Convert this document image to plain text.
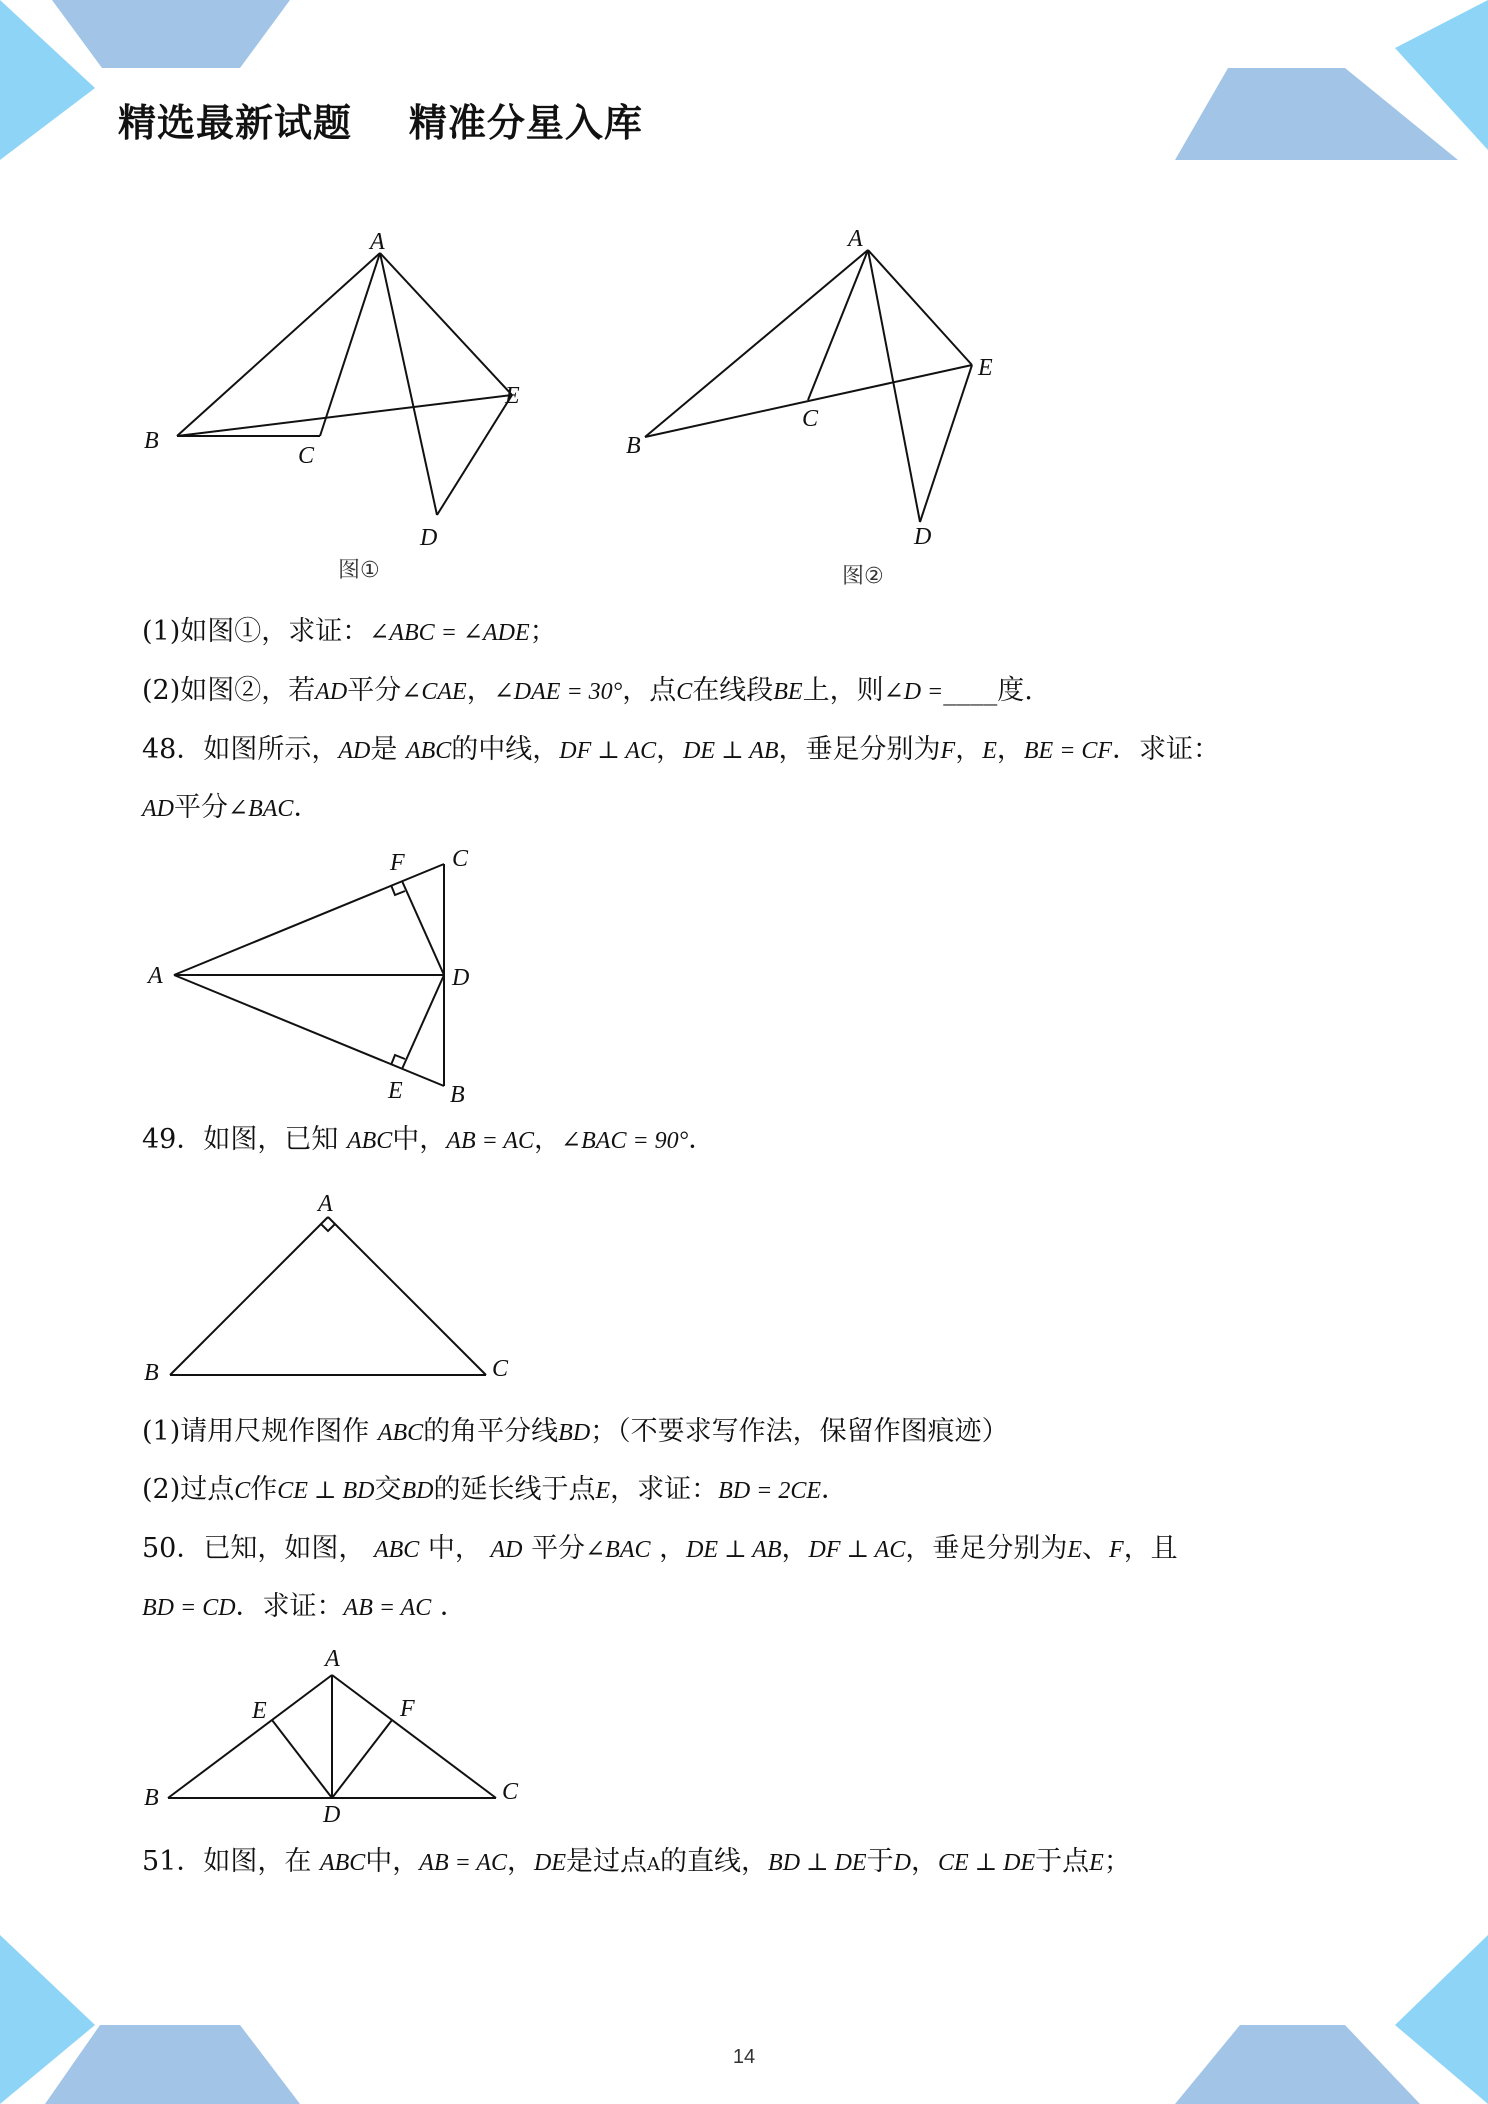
精选最新试题    精准分星入库
A
B
C
D
E
图①
A
B
C
D
E
图②
(1)如图①，求证：∠ABC = ∠ADE；
(2)如图②，若AD平分∠CAE，∠DAE = 30°，点C在线段BE上，则∠D =____度.
48．如图所示，AD是 ABC的中线，DF ⊥ AC，DE ⊥ AB，垂足分别为F，E，BE = CF．求证：
AD平分∠BAC．
A
B
C
D
E
F
49．如图，已知 ABC中，AB = AC，∠BAC = 90°．
A
B	C
(1)请用尺规作图作 ABC的角平分线BD；（不要求写作法，保留作图痕迹）
(2)过点C作CE ⊥ BD交BD的延长线于点E，求证：BD = 2CE．
50．已知，如图， ABC 中， AD 平分∠BAC ，DE ⊥ AB，DF ⊥ AC，垂足分别为E、F，且
BD = CD．求证：AB = AC ．
A
B	C
D
E	F
51．如图，在 ABC中，AB = AC，DE是过点A的直线，BD ⊥ DE于D，CE ⊥ DE于点E；
14
